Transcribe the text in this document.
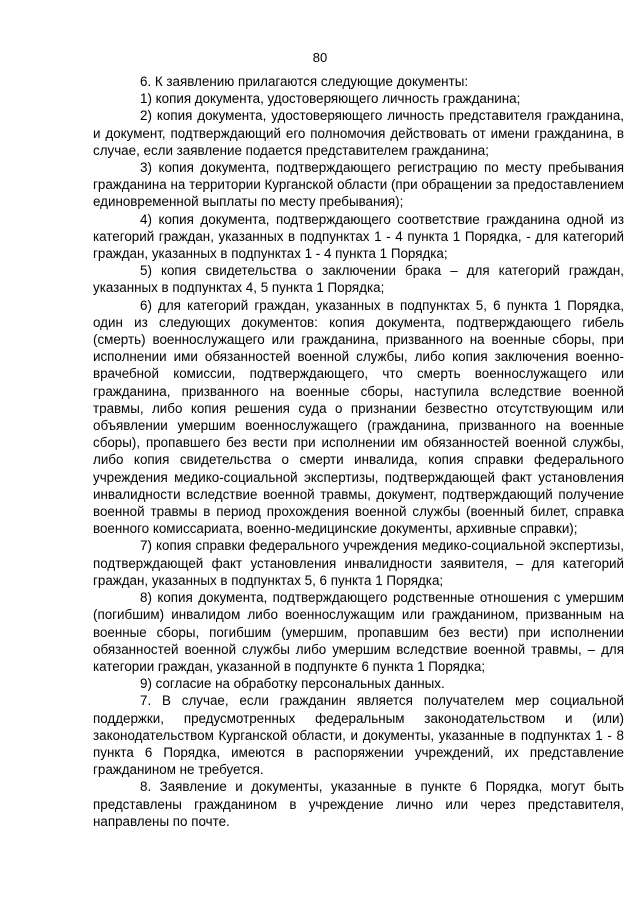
80

6. К заявлению прилагаются следующие документы:

1) копия документа, удостоверяющего личность гражданина;

2) копия документа, удостоверяющего личность представителя гражданина, и документ, подтверждающий его полномочия действовать от имени гражданина, в случае, если заявление подается представителем гражданина;

3) копия документа, подтверждающего регистрацию по месту пребывания гражданина на территории Курганской области (при обращении за предоставлением единовременной выплаты по месту пребывания);

4) копия документа, подтверждающего соответствие гражданина одной из категорий граждан, указанных в подпунктах 1 - 4 пункта 1 Порядка, - для категорий граждан, указанных в подпунктах 1 - 4 пункта 1 Порядка;

5) копия свидетельства о заключении брака – для категорий граждан, указанных в подпунктах 4, 5 пункта 1 Порядка;

6) для категорий граждан, указанных в подпунктах 5, 6 пункта 1 Порядка, один из следующих документов: копия документа, подтверждающего гибель (смерть) военнослужащего или гражданина, призванного на военные сборы, при исполнении ими обязанностей военной службы, либо копия заключения военно-врачебной комиссии, подтверждающего, что смерть военнослужащего или гражданина, призванного на военные сборы, наступила вследствие военной травмы, либо копия решения суда о признании безвестно отсутствующим или объявлении умершим военнослужащего (гражданина, призванного на военные сборы), пропавшего без вести при исполнении им обязанностей военной службы, либо копия свидетельства о смерти инвалида, копия справки федерального учреждения медико-социальной экспертизы, подтверждающей факт установления инвалидности вследствие военной травмы, документ, подтверждающий получение военной травмы в период прохождения военной службы (военный билет, справка военного комиссариата, военно-медицинские документы, архивные справки);

7) копия справки федерального учреждения медико-социальной экспертизы, подтверждающей факт установления инвалидности заявителя, – для категорий граждан, указанных в подпунктах 5, 6 пункта 1 Порядка;

8) копия документа, подтверждающего родственные отношения с умершим (погибшим) инвалидом либо военнослужащим или гражданином, призванным на военные сборы, погибшим (умершим, пропавшим без вести) при исполнении обязанностей военной службы либо умершим вследствие военной травмы, – для категории граждан, указанной в подпункте 6 пункта 1 Порядка;

9) согласие на обработку персональных данных.

7. В случае, если гражданин является получателем мер социальной поддержки, предусмотренных федеральным законодательством и (или) законодательством Курганской области, и документы, указанные в подпунктах 1 - 8 пункта 6 Порядка, имеются в распоряжении учреждений, их представление гражданином не требуется.

8. Заявление и документы, указанные в пункте 6 Порядка, могут быть представлены гражданином в учреждение лично или через представителя, направлены по почте.
